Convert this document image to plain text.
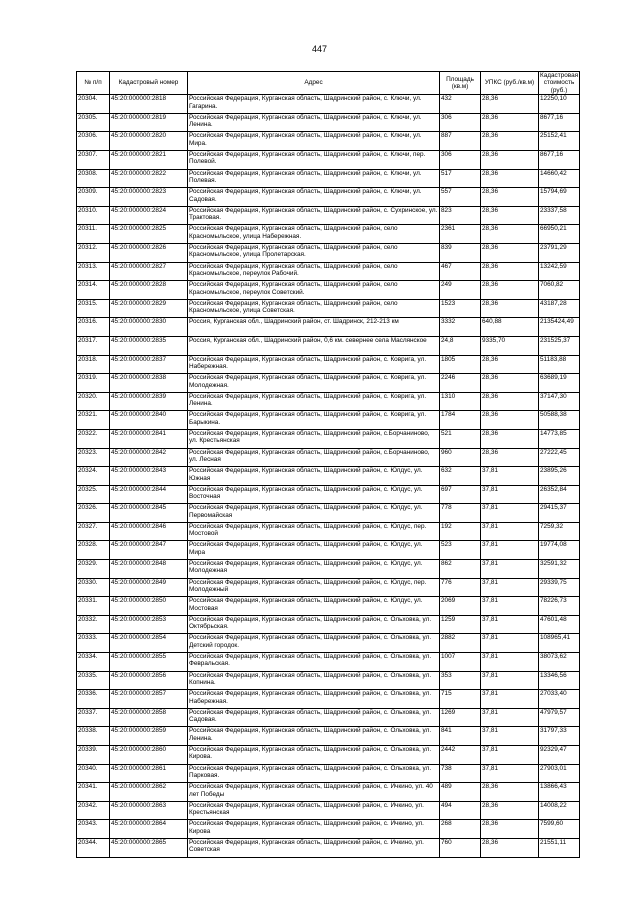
447
№ п/п	Кадастровый номер	Адрес	Площадь (кв.м)	УПКС (руб./кв.м)	Кадастровая стоимость (руб.)
20304.	45:20:000000:2818	Российская Федерация, Курганская область, Шадринский район, с. Ключи, ул. Гагарина.	432	28,36	12250,10
20305.	45:20:000000:2819	Российская Федерация, Курганская область, Шадринский район, с. Ключи, ул. Ленина.	306	28,36	8677,16
20306.	45:20:000000:2820	Российская Федерация, Курганская область, Шадринский район, с. Ключи, ул. Мира.	887	28,36	25152,41
20307.	45:20:000000:2821	Российская Федерация, Курганская область, Шадринский район, с. Ключи, пер. Полевой.	306	28,36	8677,16
20308.	45:20:000000:2822	Российская Федерация, Курганская область, Шадринский район, с. Ключи, ул. Полевая.	517	28,36	14660,42
20309.	45:20:000000:2823	Российская Федерация, Курганская область, Шадринский район, с. Ключи, ул. Садовая.	557	28,36	15794,69
20310.	45:20:000000:2824	Российская Федерация, Курганская область, Шадринский район, с. Сухринское, ул. Трактовая.	823	28,36	23337,58
20311.	45:20:000000:2825	Российская Федерация, Курганская область, Шадринский район, село Красномыльское, улица Набережная.	2361	28,36	66950,21
20312.	45:20:000000:2826	Российская Федерация, Курганская область, Шадринский район, село Красномыльское, улица Пролетарская.	839	28,36	23791,29
20313.	45:20:000000:2827	Российская Федерация, Курганская область, Шадринский район, село Красномыльское, переулок Рабочий.	467	28,36	13242,59
20314.	45:20:000000:2828	Российская Федерация, Курганская область, Шадринский район, село Красномыльское, переулок Советский.	249	28,36	7060,82
20315.	45:20:000000:2829	Российская Федерация, Курганская область, Шадринский район, село Красномыльское, улица Советская.	1523	28,36	43187,28
20316.	45:20:000000:2830	Россия, Курганская обл., Шадринский район, ст. Шадринск, 212-213 км	3332	640,88	2135424,49
20317.	45:20:000000:2835	Россия, Курганская обл., Шадринский район, 0,6 км. севернее села Маслянское	24,8	9335,70	231525,37
20318.	45:20:000000:2837	Российская Федерация, Курганская область, Шадринский район, с. Коврига, ул. Набережная.	1805	28,36	51183,88
20319.	45:20:000000:2838	Российская Федерация, Курганская область, Шадринский район, с. Коврига, ул. Молодежная.	2246	28,36	63689,19
20320.	45:20:000000:2839	Российская Федерация, Курганская область, Шадринский район, с. Коврига, ул. Ленина.	1310	28,36	37147,30
20321.	45:20:000000:2840	Российская Федерация, Курганская область, Шадринский район, с. Коврига, ул. Барыкина.	1784	28,36	50588,38
20322.	45:20:000000:2841	Российская Федерация, Курганская область, Шадринский район, с.Борчаниново, ул. Крестьянская	521	28,36	14773,85
20323.	45:20:000000:2842	Российская Федерация, Курганская область, Шадринский район, с.Борчаниново, ул. Лесная	960	28,36	27222,45
20324.	45:20:000000:2843	Российская Федерация, Курганская область, Шадринский район, с. Юлдус, ул. Южная	632	37,81	23895,26
20325.	45:20:000000:2844	Российская Федерация, Курганская область, Шадринский район, с. Юлдус, ул. Восточная	697	37,81	26352,84
20326.	45:20:000000:2845	Российская Федерация, Курганская область, Шадринский район, с. Юлдус, ул. Первомайская	778	37,81	29415,37
20327.	45:20:000000:2846	Российская Федерация, Курганская область, Шадринский район, с. Юлдус, пер. Мостовой	192	37,81	7259,32
20328.	45:20:000000:2847	Российская Федерация, Курганская область, Шадринский район, с. Юлдус, ул. Мира	523	37,81	19774,08
20329.	45:20:000000:2848	Российская Федерация, Курганская область, Шадринский район, с. Юлдус, ул. Молодежная	862	37,81	32591,32
20330.	45:20:000000:2849	Российская Федерация, Курганская область, Шадринский район, с. Юлдус, пер. Молодежный	776	37,81	29339,75
20331.	45:20:000000:2850	Российская Федерация, Курганская область, Шадринский район, с. Юлдус, ул. Мостовая	2069	37,81	78226,73
20332.	45:20:000000:2853	Российская Федерация, Курганская область, Шадринский район, с. Ольховка, ул. Октябрьская.	1259	37,81	47601,48
20333.	45:20:000000:2854	Российская Федерация, Курганская область, Шадринский район, с. Ольховка, ул. Детский городок.	2882	37,81	108965,41
20334.	45:20:000000:2855	Российская Федерация, Курганская область, Шадринский район, с. Ольховка, ул. Февральская.	1007	37,81	38073,62
20335.	45:20:000000:2856	Российская Федерация, Курганская область, Шадринский район, с. Ольховка, ул. Копнина.	353	37,81	13346,56
20336.	45:20:000000:2857	Российская Федерация, Курганская область, Шадринский район, с. Ольховка, ул. Набережная.	715	37,81	27033,40
20337.	45:20:000000:2858	Российская Федерация, Курганская область, Шадринский район, с. Ольховка, ул. Садовая.	1269	37,81	47979,57
20338.	45:20:000000:2859	Российская Федерация, Курганская область, Шадринский район, с. Ольховка, ул. Ленина.	841	37,81	31797,33
20339.	45:20:000000:2860	Российская Федерация, Курганская область, Шадринский район, с. Ольховка, ул. Кирова.	2442	37,81	92329,47
20340.	45:20:000000:2861	Российская Федерация, Курганская область, Шадринский район, с. Ольховка, ул. Парковая.	738	37,81	27903,01
20341.	45:20:000000:2862	Российская Федерация, Курганская область, Шадринский район, с. Ичкино, ул. 40 лет Победы	489	28,36	13866,43
20342.	45:20:000000:2863	Российская Федерация, Курганская область, Шадринский район, с. Ичкино, ул. Крестьянская	494	28,36	14008,22
20343.	45:20:000000:2864	Российская Федерация, Курганская область, Шадринский район, с. Ичкино, ул. Кирова	268	28,36	7599,60
20344.	45:20:000000:2865	Российская Федерация, Курганская область, Шадринский район, с. Ичкино, ул. Советская	760	28,36	21551,11
